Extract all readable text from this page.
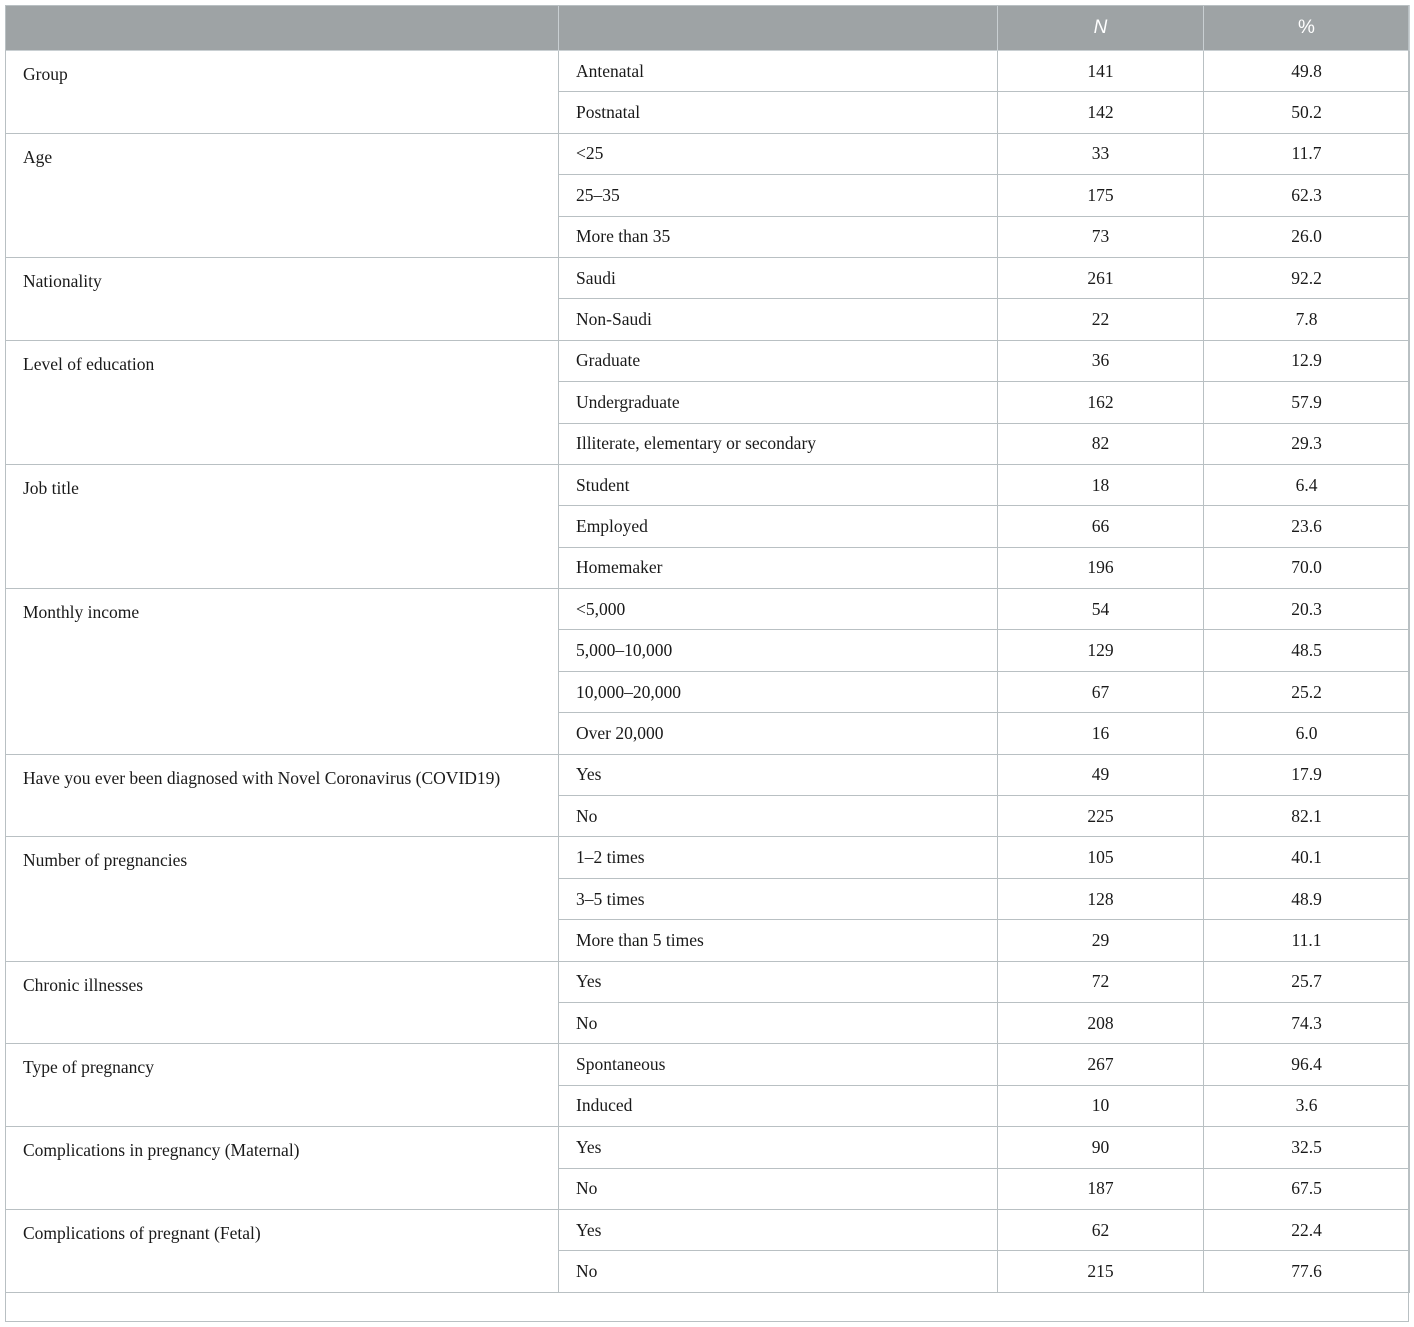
		N	%
Group	Antenatal	141	49.8
	Postnatal	142	50.2
Age	<25	33	11.7
	25–35	175	62.3
	More than 35	73	26.0
Nationality	Saudi	261	92.2
	Non-Saudi	22	7.8
Level of education	Graduate	36	12.9
	Undergraduate	162	57.9
	Illiterate, elementary or secondary	82	29.3
Job title	Student	18	6.4
	Employed	66	23.6
	Homemaker	196	70.0
Monthly income	<5,000	54	20.3
	5,000–10,000	129	48.5
	10,000–20,000	67	25.2
	Over 20,000	16	6.0
Have you ever been diagnosed with Novel Coronavirus (COVID19)	Yes	49	17.9
	No	225	82.1
Number of pregnancies	1–2 times	105	40.1
	3–5 times	128	48.9
	More than 5 times	29	11.1
Chronic illnesses	Yes	72	25.7
	No	208	74.3
Type of pregnancy	Spontaneous	267	96.4
	Induced	10	3.6
Complications in pregnancy (Maternal)	Yes	90	32.5
	No	187	67.5
Complications of pregnant (Fetal)	Yes	62	22.4
	No	215	77.6
